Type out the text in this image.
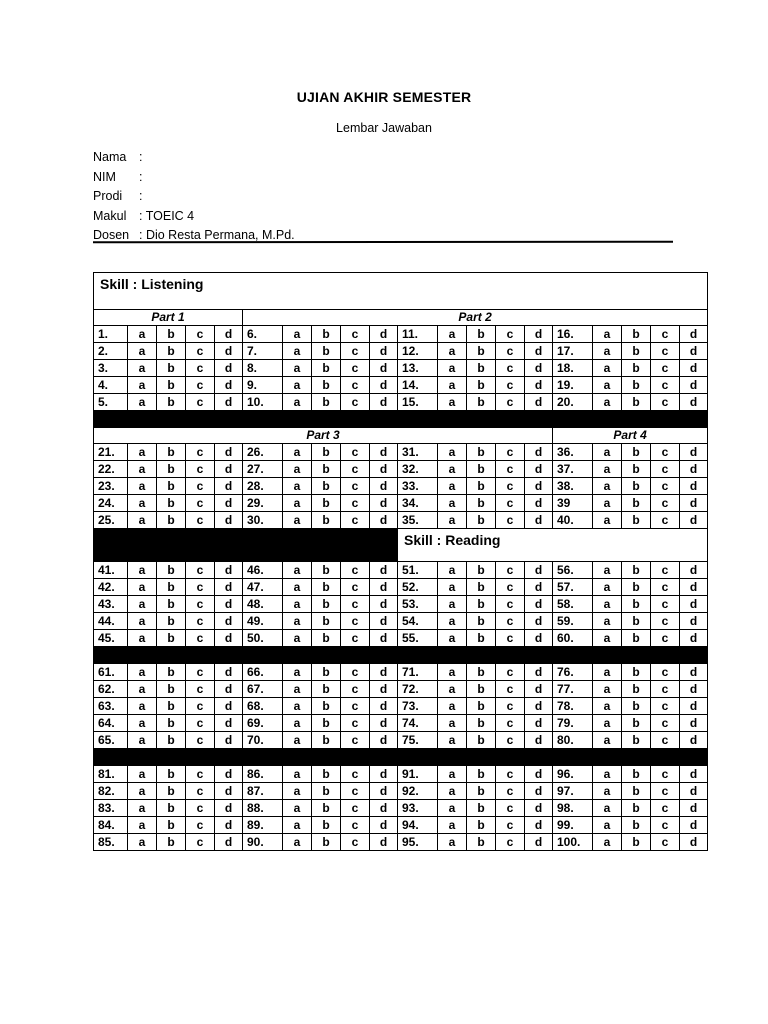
UJIAN AKHIR SEMESTER
Lembar Jawaban
Nama :
NIM :
Prodi :
Makul : TOEIC 4
Dosen : Dio Resta Permana, M.Pd.
Skill : Listening																			
Part 1					Part 2														
1.	a	b	c	d	6.	a	b	c	d	11.	a	b	c	d	16.	a	b	c	d
2.	a	b	c	d	7.	a	b	c	d	12.	a	b	c	d	17.	a	b	c	d
3.	a	b	c	d	8.	a	b	c	d	13.	a	b	c	d	18.	a	b	c	d
4.	a	b	c	d	9.	a	b	c	d	14.	a	b	c	d	19.	a	b	c	d
5.	a	b	c	d	10.	a	b	c	d	15.	a	b	c	d	20.	a	b	c	d

Part 3															Part 4				
21.	a	b	c	d	26.	a	b	c	d	31.	a	b	c	d	36.	a	b	c	d
22.	a	b	c	d	27.	a	b	c	d	32.	a	b	c	d	37.	a	b	c	d
23.	a	b	c	d	28.	a	b	c	d	33.	a	b	c	d	38.	a	b	c	d
24.	a	b	c	d	29.	a	b	c	d	34.	a	b	c	d	39	a	b	c	d
25.	a	b	c	d	30.	a	b	c	d	35.	a	b	c	d	40.	a	b	c	d
										Skill : Reading									
41.	a	b	c	d	46.	a	b	c	d	51.	a	b	c	d	56.	a	b	c	d
42.	a	b	c	d	47.	a	b	c	d	52.	a	b	c	d	57.	a	b	c	d
43.	a	b	c	d	48.	a	b	c	d	53.	a	b	c	d	58.	a	b	c	d
44.	a	b	c	d	49.	a	b	c	d	54.	a	b	c	d	59.	a	b	c	d
45.	a	b	c	d	50.	a	b	c	d	55.	a	b	c	d	60.	a	b	c	d

61.	a	b	c	d	66.	a	b	c	d	71.	a	b	c	d	76.	a	b	c	d
62.	a	b	c	d	67.	a	b	c	d	72.	a	b	c	d	77.	a	b	c	d
63.	a	b	c	d	68.	a	b	c	d	73.	a	b	c	d	78.	a	b	c	d
64.	a	b	c	d	69.	a	b	c	d	74.	a	b	c	d	79.	a	b	c	d
65.	a	b	c	d	70.	a	b	c	d	75.	a	b	c	d	80.	a	b	c	d

81.	a	b	c	d	86.	a	b	c	d	91.	a	b	c	d	96.	a	b	c	d
82.	a	b	c	d	87.	a	b	c	d	92.	a	b	c	d	97.	a	b	c	d
83.	a	b	c	d	88.	a	b	c	d	93.	a	b	c	d	98.	a	b	c	d
84.	a	b	c	d	89.	a	b	c	d	94.	a	b	c	d	99.	a	b	c	d
85.	a	b	c	d	90.	a	b	c	d	95.	a	b	c	d	100.	a	b	c	d
